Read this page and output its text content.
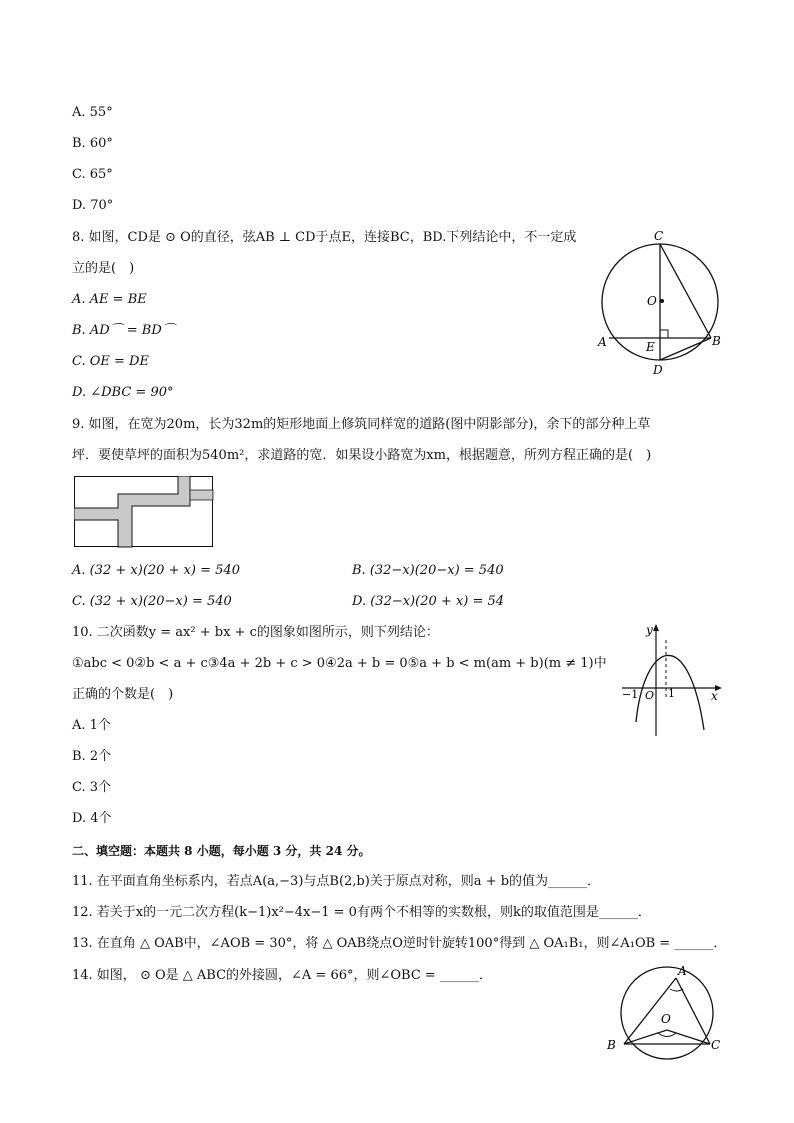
A. 55°
B. 60°
C. 65°
D. 70°
8. 如图，CD是 ⊙ O的直径，弦AB ⊥ CD于点E，连接BC，BD.下列结论中，不一定成
立的是(　)
A. AE = BE
B. AD⌒ = BD⌒
C. OE = DE
D. ∠DBC = 90°
C
O
A	E	B
D
9. 如图，在宽为20m，长为32m的矩形地面上修筑同样宽的道路(图中阴影部分)，余下的部分种上草
坪．要使草坪的面积为540m²，求道路的宽．如果设小路宽为xm，根据题意，所列方程正确的是(　)
A. (32 + x)(20 + x) = 540	B. (32−x)(20−x) = 540
C. (32 + x)(20−x) = 540	D. (32−x)(20 + x) = 54
10. 二次函数y = ax² + bx + c的图象如图所示，则下列结论：
①abc < 0②b < a + c③4a + 2b + c > 0④2a + b = 0⑤a + b < m(am + b)(m ≠ 1)中
正确的个数是(　)
A. 1个
B. 2个
C. 3个
D. 4个
y
x
−1 O 1
二、填空题：本题共 8 小题，每小题 3 分，共 24 分。
11. 在平面直角坐标系内，若点A(a,−3)与点B(2,b)关于原点对称，则a + b的值为______．
12. 若关于x的一元二次方程(k−1)x²−4x−1 = 0有两个不相等的实数根，则k的取值范围是______．
13. 在直角 △ OAB中，∠AOB = 30°，将 △ OAB绕点O逆时针旋转100°得到 △ OA₁B₁，则∠A₁OB = ______．
14. 如图， ⊙ O是 △ ABC的外接圆，∠A = 66°，则∠OBC = ______．	A
O
B	C
